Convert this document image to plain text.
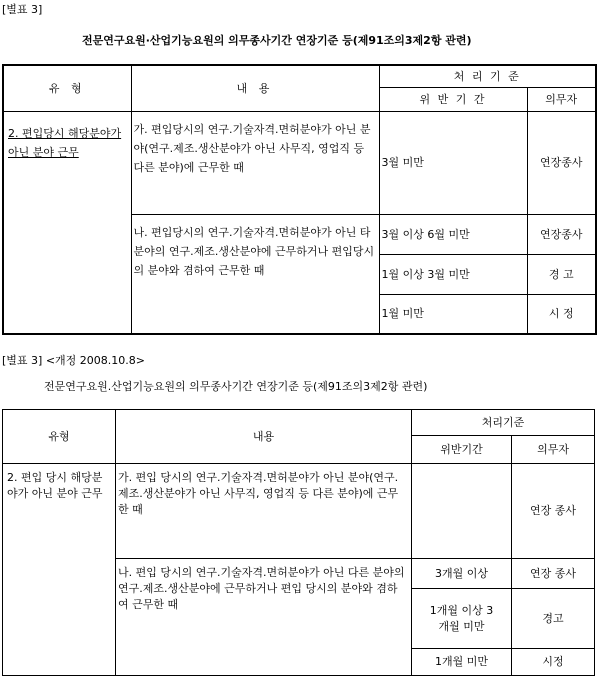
[별표 3]
전문연구요원·산업기능요원의 의무종사기간 연장기준 등(제91조의3제2항 관련)
유 형	내 용	처 리 기 준	
		위 반 기 간	의무자
2. 편입당시 해당분야가 아닌 분야 근무	가. 편입당시의 연구.기술자격.면허분야가 아닌 분야(연구.제조.생산분야가 아닌 사무직, 영업직 등 다른 분야)에 근무한 때	3월 미만	연장종사
	나. 편입당시의 연구.기술자격.면허분야가 아닌 타분야의 연구.제조.생산분야에 근무하거나 편입당시의 분야와 겸하여 근무한 때	3월 이상 6월 미만	연장종사
		1월 이상 3월 미만	경 고
		1월 미만	시 정
[별표 3] <개정 2008.10.8>
전문연구요원.산업기능요원의 의무종사기간 연장기준 등(제91조의3제2항 관련)
유형	내용	처리기준	
		위반기간	의무자
2. 편입 당시 해당분야가 아닌 분야 근무	가. 편입 당시의 연구.기술자격.면허분야가 아닌 분야(연구.제조.생산분야가 아닌 사무직, 영업직 등 다른 분야)에 근무한 때		연장 종사
	나. 편입 당시의 연구.기술자격.면허분야가 아닌 다른 분야의 연구.제조.생산분야에 근무하거나 편입 당시의 분야와 겸하여 근무한 때	3개월 이상	연장 종사
		1개월 이상 3개월 미만	경고
		1개월 미만	시정
